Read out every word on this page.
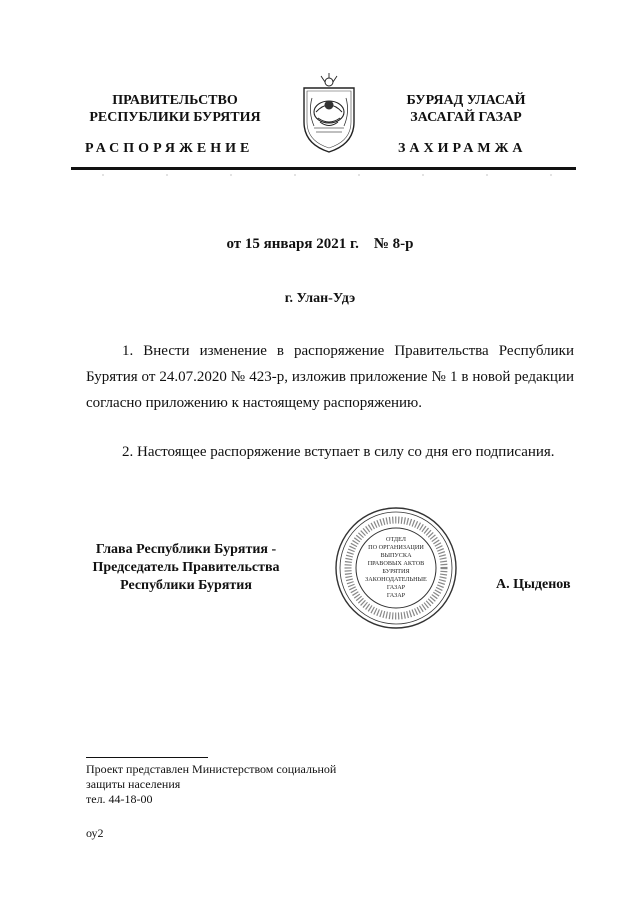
ПРАВИТЕЛЬСТВО
РЕСПУБЛИКИ БУРЯТИЯ
РАСПОРЯЖЕНИЕ
БУРЯАД УЛАСАЙ
ЗАСАГАЙ ГАЗАР
ЗАХИРАМЖА
от 15 января 2021 г.    № 8-р
г. Улан-Удэ
1. Внести изменение в распоряжение Правительства Республики Бурятия от 24.07.2020 № 423-р, изложив приложение № 1 в новой редакции согласно приложению к настоящему распоряжению.
2. Настоящее распоряжение вступает в силу со дня его подписания.
Глава Республики Бурятия -
Председатель Правительства
Республики Бурятия
ОТДЕЛ
ПО ОРГАНИЗАЦИИ
ВЫПУСКА
ПРАВОВЫХ АКТОВ
БУРЯТИЯ
ЗАКОНОДАТЕЛЬНЫЕ
ГАЗАР
ГАЗАР
А. Цыденов
Проект представлен Министерством социальной
защиты населения
тел. 44-18-00
оу2
